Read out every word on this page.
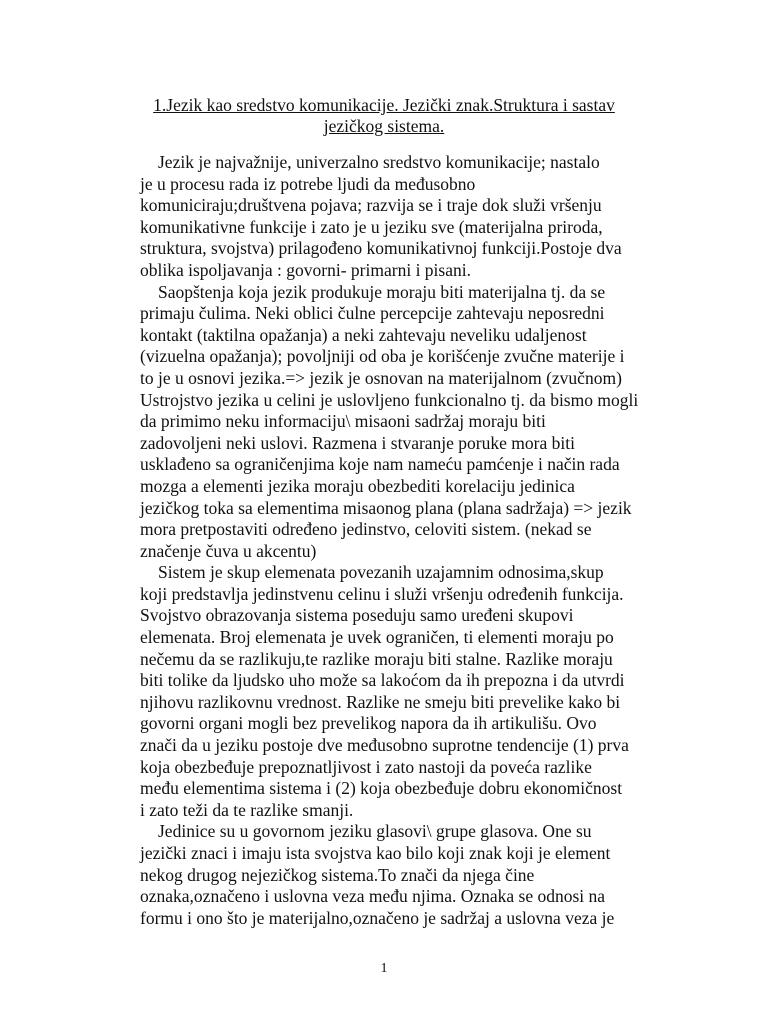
1.Jezik kao sredstvo komunikacije. Jezički znak.Struktura i sastav
jezičkog sistema.
Jezik je najvažnije, univerzalno sredstvo komunikacije; nastalo
je u procesu rada iz potrebe ljudi da međusobno
komuniciraju;društvena pojava; razvija se i traje dok služi vršenju
komunikativne funkcije i zato je u jeziku sve (materijalna priroda,
struktura, svojstva) prilagođeno komunikativnoj funkciji.Postoje dva
oblika ispoljavanja : govorni- primarni i pisani.
Saopštenja koja jezik produkuje moraju biti materijalna tj. da se
primaju čulima. Neki oblici čulne percepcije zahtevaju neposredni
kontakt (taktilna opažanja) a neki zahtevaju neveliku udaljenost
(vizuelna opažanja); povoljniji od oba je korišćenje zvučne materije i
to je u osnovi jezika.=> jezik je osnovan na materijalnom (zvučnom)
Ustrojstvo jezika u celini je uslovljeno funkcionalno tj. da bismo mogli
da primimo neku informaciju\ misaoni sadržaj moraju biti
zadovoljeni neki uslovi. Razmena i stvaranje poruke mora biti
usklađeno sa ograničenjima koje nam nameću pamćenje i način rada
mozga a elementi jezika moraju obezbediti korelaciju jedinica
jezičkog toka sa elementima misaonog plana (plana sadržaja) => jezik
mora pretpostaviti određeno jedinstvo, celoviti sistem. (nekad se
značenje čuva u akcentu)
Sistem je skup elemenata povezanih uzajamnim odnosima,skup
koji predstavlja jedinstvenu celinu i služi vršenju određenih funkcija.
Svojstvo obrazovanja sistema poseduju samo uređeni skupovi
elemenata. Broj elemenata je uvek ograničen, ti elementi moraju po
nečemu da se razlikuju,te razlike moraju biti stalne. Razlike moraju
biti tolike da ljudsko uho može sa lakoćom da ih prepozna i da utvrdi
njihovu razlikovnu vrednost. Razlike ne smeju biti prevelike kako bi
govorni organi mogli bez prevelikog napora da ih artikulišu. Ovo
znači da u jeziku postoje dve međusobno suprotne tendencije (1) prva
koja obezbeđuje prepoznatljivost i zato nastoji da poveća razlike
među elementima sistema i (2) koja obezbeđuje dobru ekonomičnost
i zato teži da te razlike smanji.
Jedinice su u govornom jeziku glasovi\ grupe glasova. One su
jezički znaci i imaju ista svojstva kao bilo koji znak koji je element
nekog drugog nejezičkog sistema.To znači da njega čine
oznaka,označeno i uslovna veza među njima. Oznaka se odnosi na
formu i ono što je materijalno,označeno je sadržaj a uslovna veza je
1
